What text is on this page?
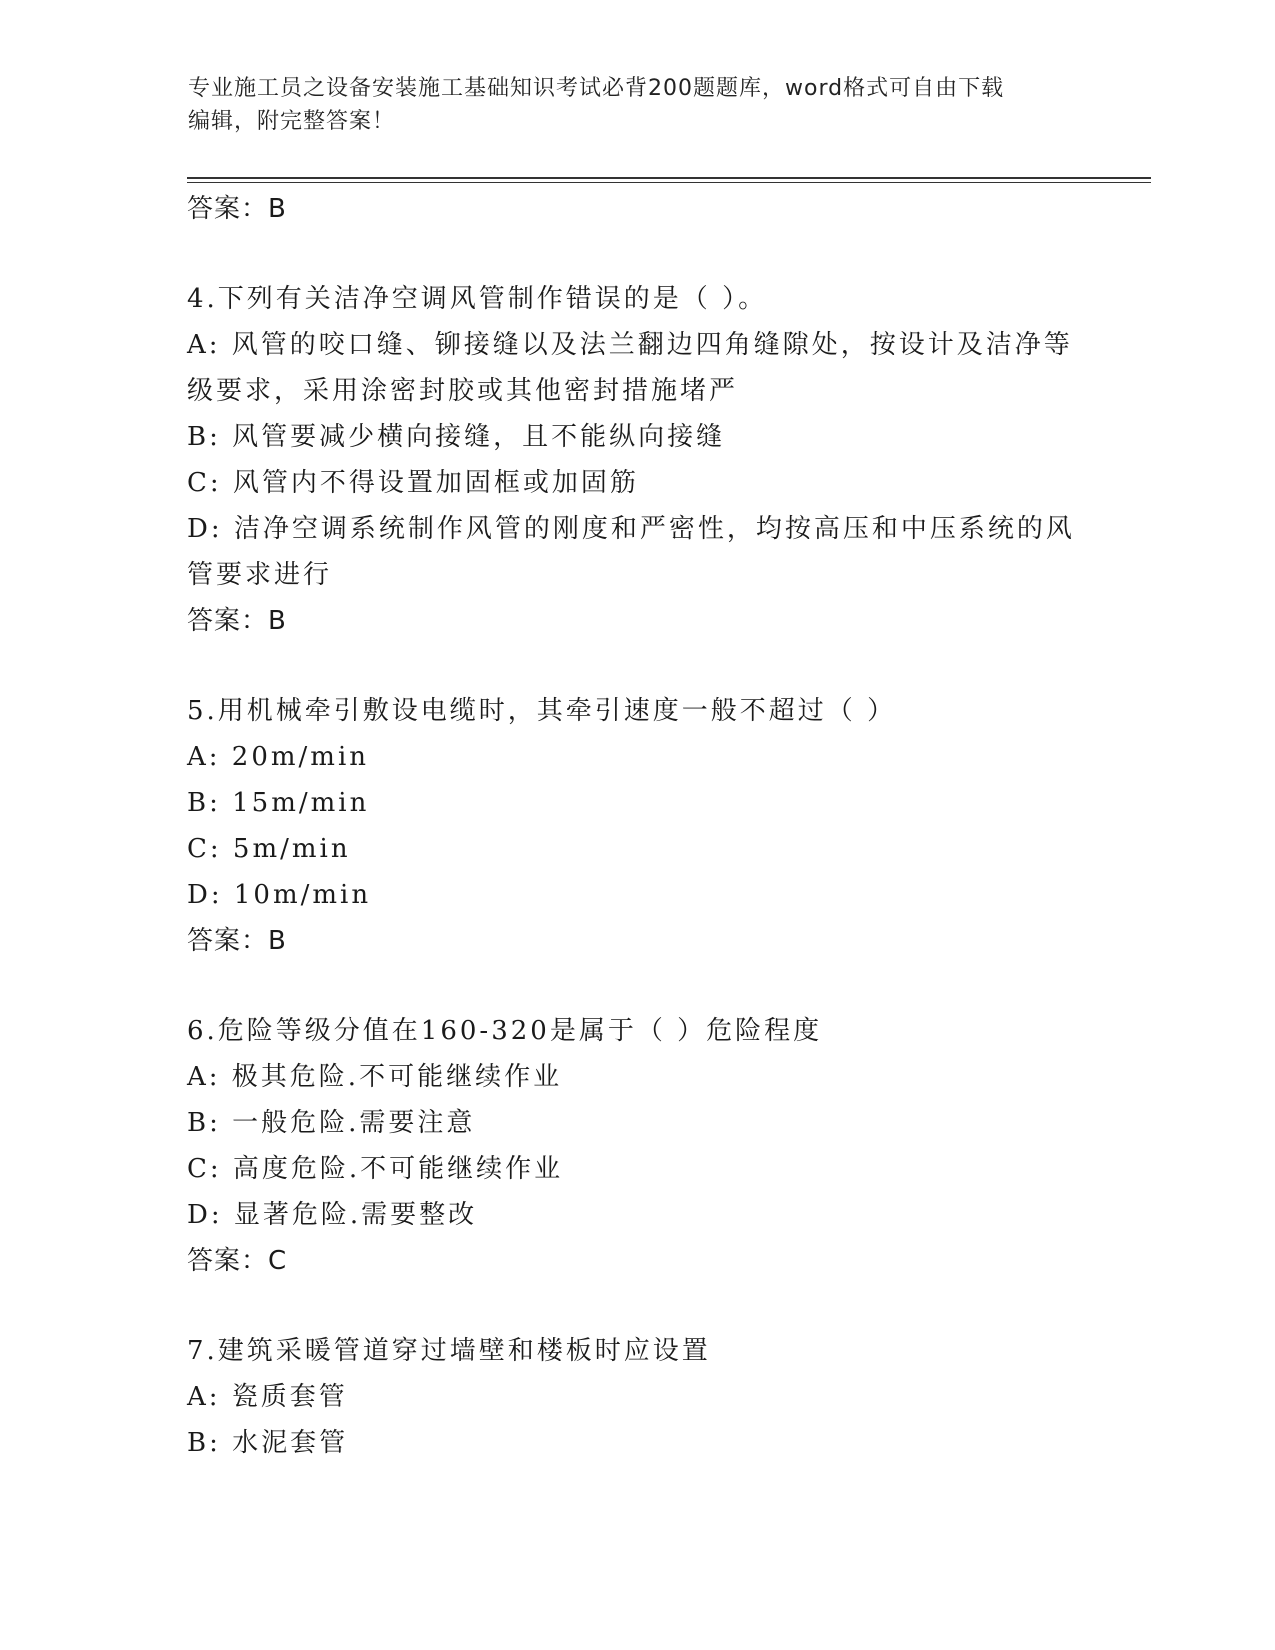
专业施工员之设备安装施工基础知识考试必背200题题库，word格式可自由下载
编辑，附完整答案！
答案：B
4.下列有关洁净空调风管制作错误的是（ ）。
A: 风管的咬口缝、铆接缝以及法兰翻边四角缝隙处，按设计及洁净等
级要求，采用涂密封胶或其他密封措施堵严
B: 风管要减少横向接缝，且不能纵向接缝
C: 风管内不得设置加固框或加固筋
D: 洁净空调系统制作风管的刚度和严密性，均按高压和中压系统的风
管要求进行
答案：B
5.用机械牵引敷设电缆时，其牵引速度一般不超过（ ）
A: 20m/min
B: 15m/min
C: 5m/min
D: 10m/min
答案：B
6.危险等级分值在160-320是属于（ ）危险程度
A: 极其危险.不可能继续作业
B: 一般危险.需要注意
C: 高度危险.不可能继续作业
D: 显著危险.需要整改
答案：C
7.建筑采暖管道穿过墙壁和楼板时应设置
A: 瓷质套管
B: 水泥套管
